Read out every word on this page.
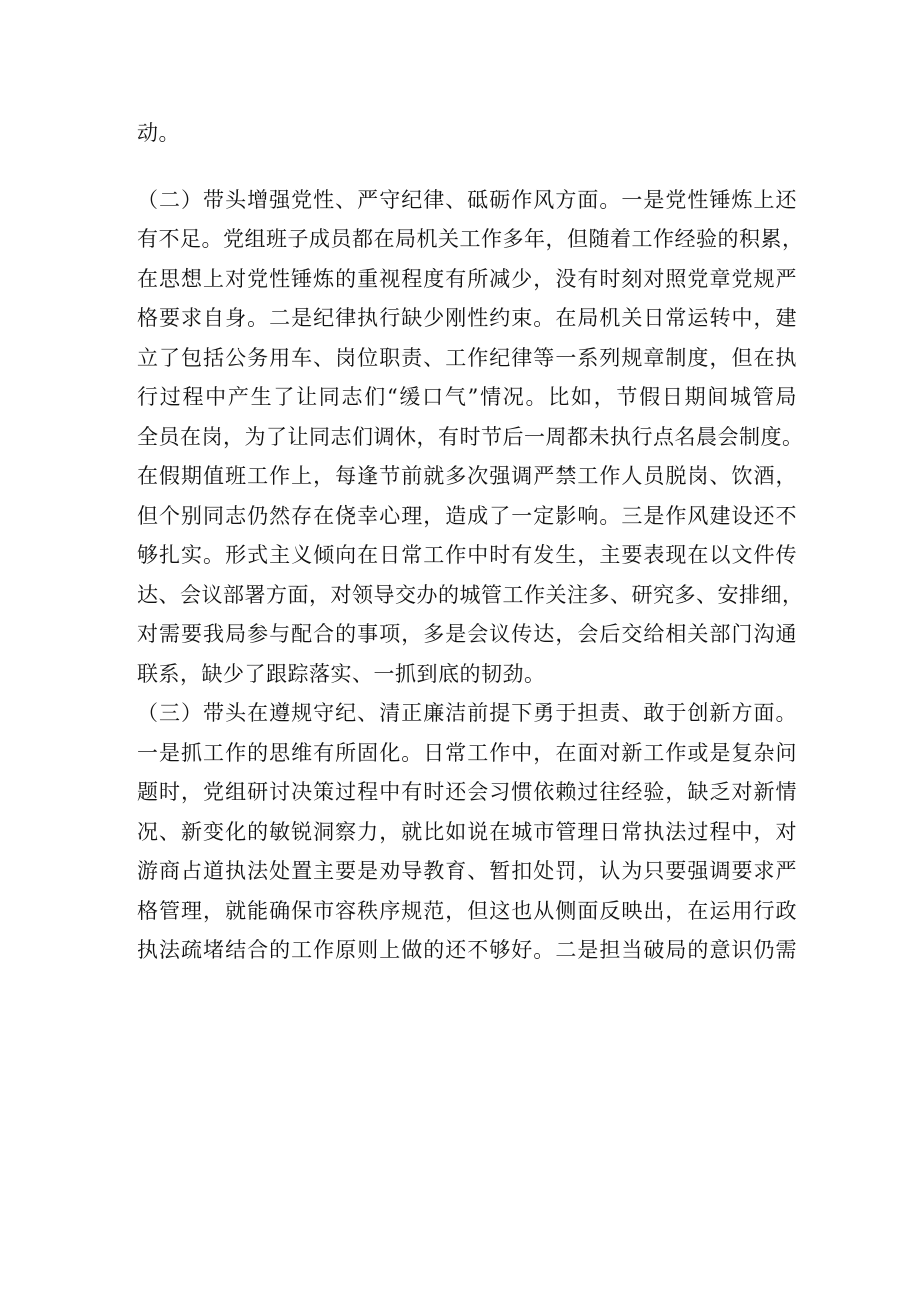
动。
（二）带头增强党性、严守纪律、砥砺作风方面。一是党性锤炼上还
有不足。党组班子成员都在局机关工作多年，但随着工作经验的积累，
在思想上对党性锤炼的重视程度有所减少，没有时刻对照党章党规严
格要求自身。二是纪律执行缺少刚性约束。在局机关日常运转中，建
立了包括公务用车、岗位职责、工作纪律等一系列规章制度，但在执
行过程中产生了让同志们“缓口气”情况。比如，节假日期间城管局
全员在岗，为了让同志们调休，有时节后一周都未执行点名晨会制度。
在假期值班工作上，每逢节前就多次强调严禁工作人员脱岗、饮酒，
但个别同志仍然存在侥幸心理，造成了一定影响。三是作风建设还不
够扎实。形式主义倾向在日常工作中时有发生，主要表现在以文件传
达、会议部署方面，对领导交办的城管工作关注多、研究多、安排细，
对需要我局参与配合的事项，多是会议传达，会后交给相关部门沟通
联系，缺少了跟踪落实、一抓到底的韧劲。
（三）带头在遵规守纪、清正廉洁前提下勇于担责、敢于创新方面。
一是抓工作的思维有所固化。日常工作中，在面对新工作或是复杂问
题时，党组研讨决策过程中有时还会习惯依赖过往经验，缺乏对新情
况、新变化的敏锐洞察力，就比如说在城市管理日常执法过程中，对
游商占道执法处置主要是劝导教育、暂扣处罚，认为只要强调要求严
格管理，就能确保市容秩序规范，但这也从侧面反映出，在运用行政
执法疏堵结合的工作原则上做的还不够好。二是担当破局的意识仍需
